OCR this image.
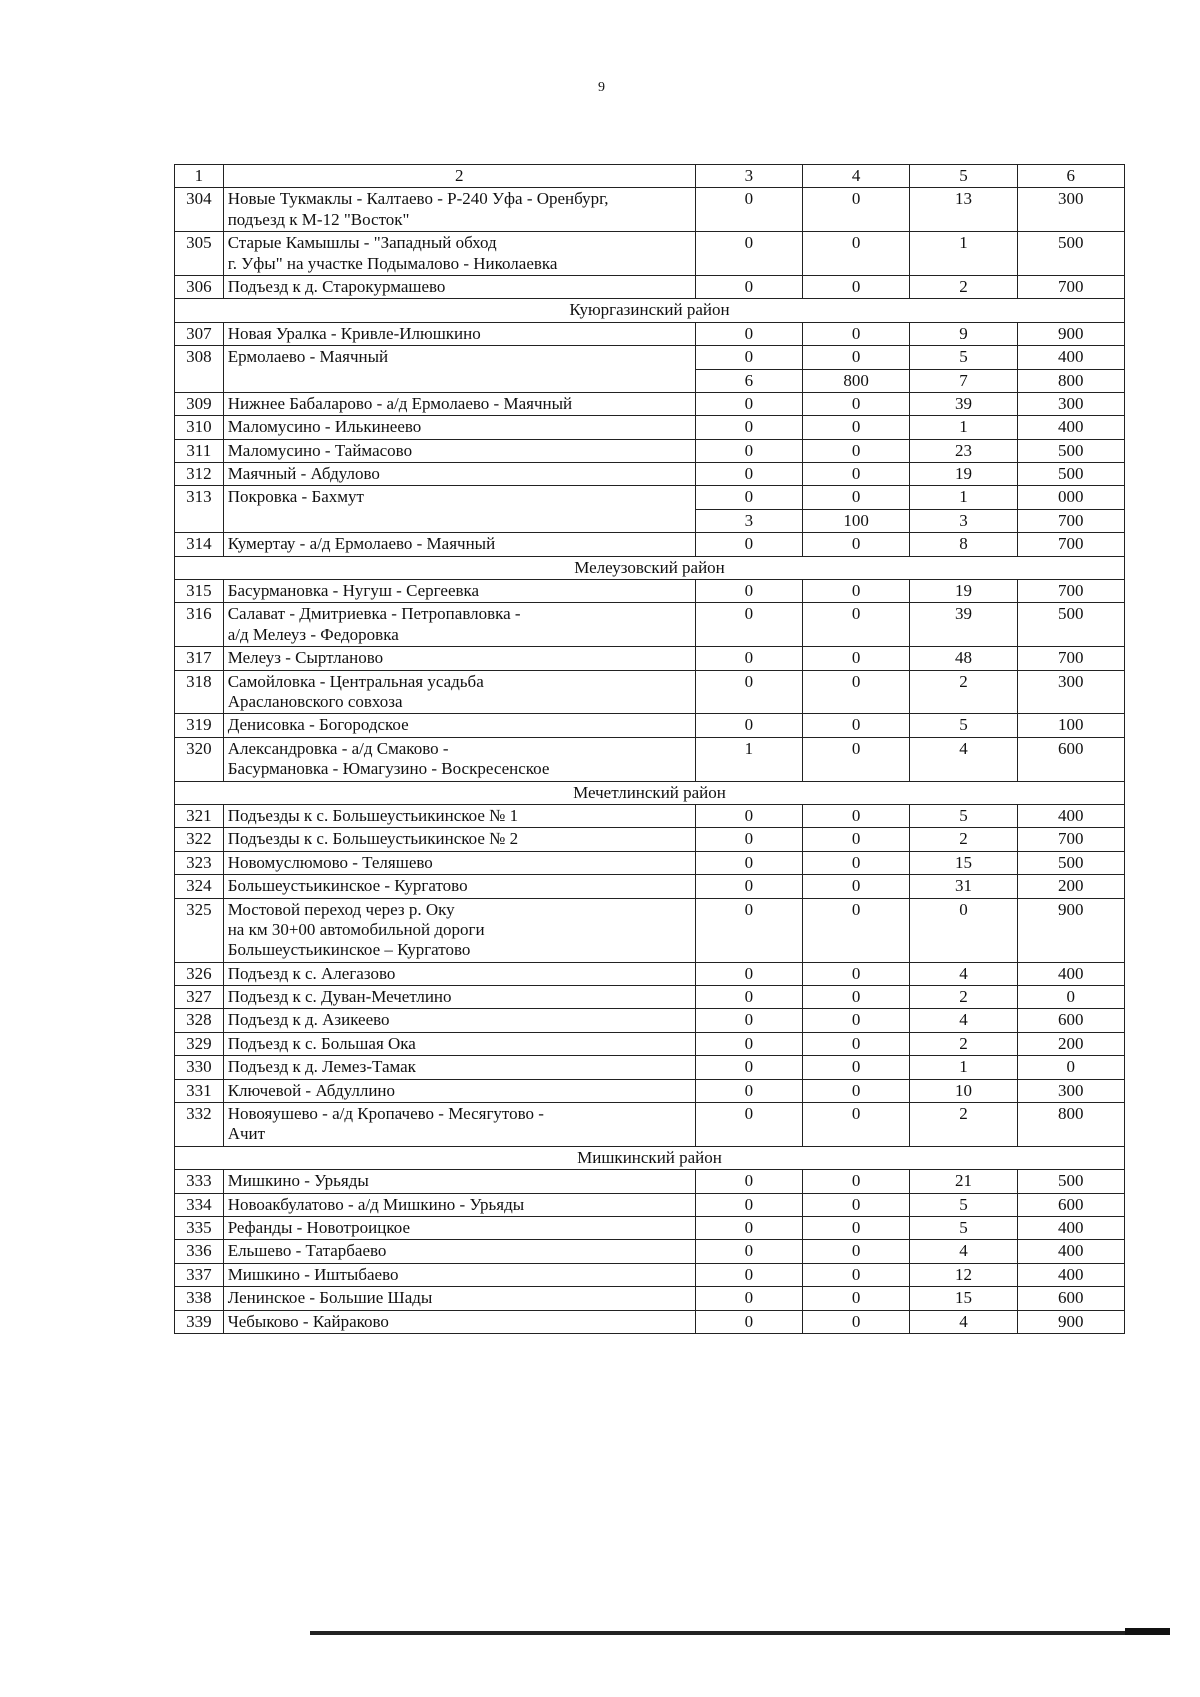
9
1	2	3	4	5	6
304	Новые Тукмаклы - Калтаево - Р-240 Уфа - Оренбург,
подъезд к М-12 "Восток"	0	0	13	300
305	Старые Камышлы - "Западный обход
г. Уфы" на участке Подымалово - Николаевка	0	0	1	500
306	Подъезд к д. Старокурмашево	0	0	2	700
Куюргазинский район					
307	Новая Уралка - Кривле-Илюшкино	0	0	9	900
308	Ермолаево - Маячный	0	0	5	400
		6	800	7	800
309	Нижнее Бабаларово - а/д Ермолаево - Маячный	0	0	39	300
310	Маломусино - Илькинеево	0	0	1	400
311	Маломусино - Таймасово	0	0	23	500
312	Маячный - Абдулово	0	0	19	500
313	Покровка - Бахмут	0	0	1	000
		3	100	3	700
314	Кумертау - а/д Ермолаево - Маячный	0	0	8	700
Мелеузовский район					
315	Басурмановка - Нугуш - Сергеевка	0	0	19	700
316	Салават - Дмитриевка - Петропавловка -
а/д Мелеуз - Федоровка	0	0	39	500
317	Мелеуз - Сыртланово	0	0	48	700
318	Самойловка - Центральная усадьба
Араслановского совхоза	0	0	2	300
319	Денисовка - Богородское	0	0	5	100
320	Александровка - а/д Смаково -
Басурмановка - Юмагузино - Воскресенское	1	0	4	600
Мечетлинский район					
321	Подъезды к с. Большеустьикинское № 1	0	0	5	400
322	Подъезды к с. Большеустьикинское № 2	0	0	2	700
323	Новомуслюмово - Теляшево	0	0	15	500
324	Большеустьикинское - Кургатово	0	0	31	200
325	Мостовой переход через р. Оку
на км 30+00 автомобильной дороги
Большеустьикинское – Кургатово	0	0	0	900
326	Подъезд к с. Алегазово	0	0	4	400
327	Подъезд к с. Дуван-Мечетлино	0	0	2	0
328	Подъезд к д. Азикеево	0	0	4	600
329	Подъезд к с. Большая Ока	0	0	2	200
330	Подъезд к д. Лемез-Тамак	0	0	1	0
331	Ключевой - Абдуллино	0	0	10	300
332	Новояушево - а/д Кропачево - Месягутово -
Ачит	0	0	2	800
Мишкинский район					
333	Мишкино - Урьяды	0	0	21	500
334	Новоакбулатово - а/д Мишкино - Урьяды	0	0	5	600
335	Рефанды - Новотроицкое	0	0	5	400
336	Ельшево - Татарбаево	0	0	4	400
337	Мишкино - Иштыбаево	0	0	12	400
338	Ленинское - Большие Шады	0	0	15	600
339	Чебыково - Кайраково	0	0	4	900
